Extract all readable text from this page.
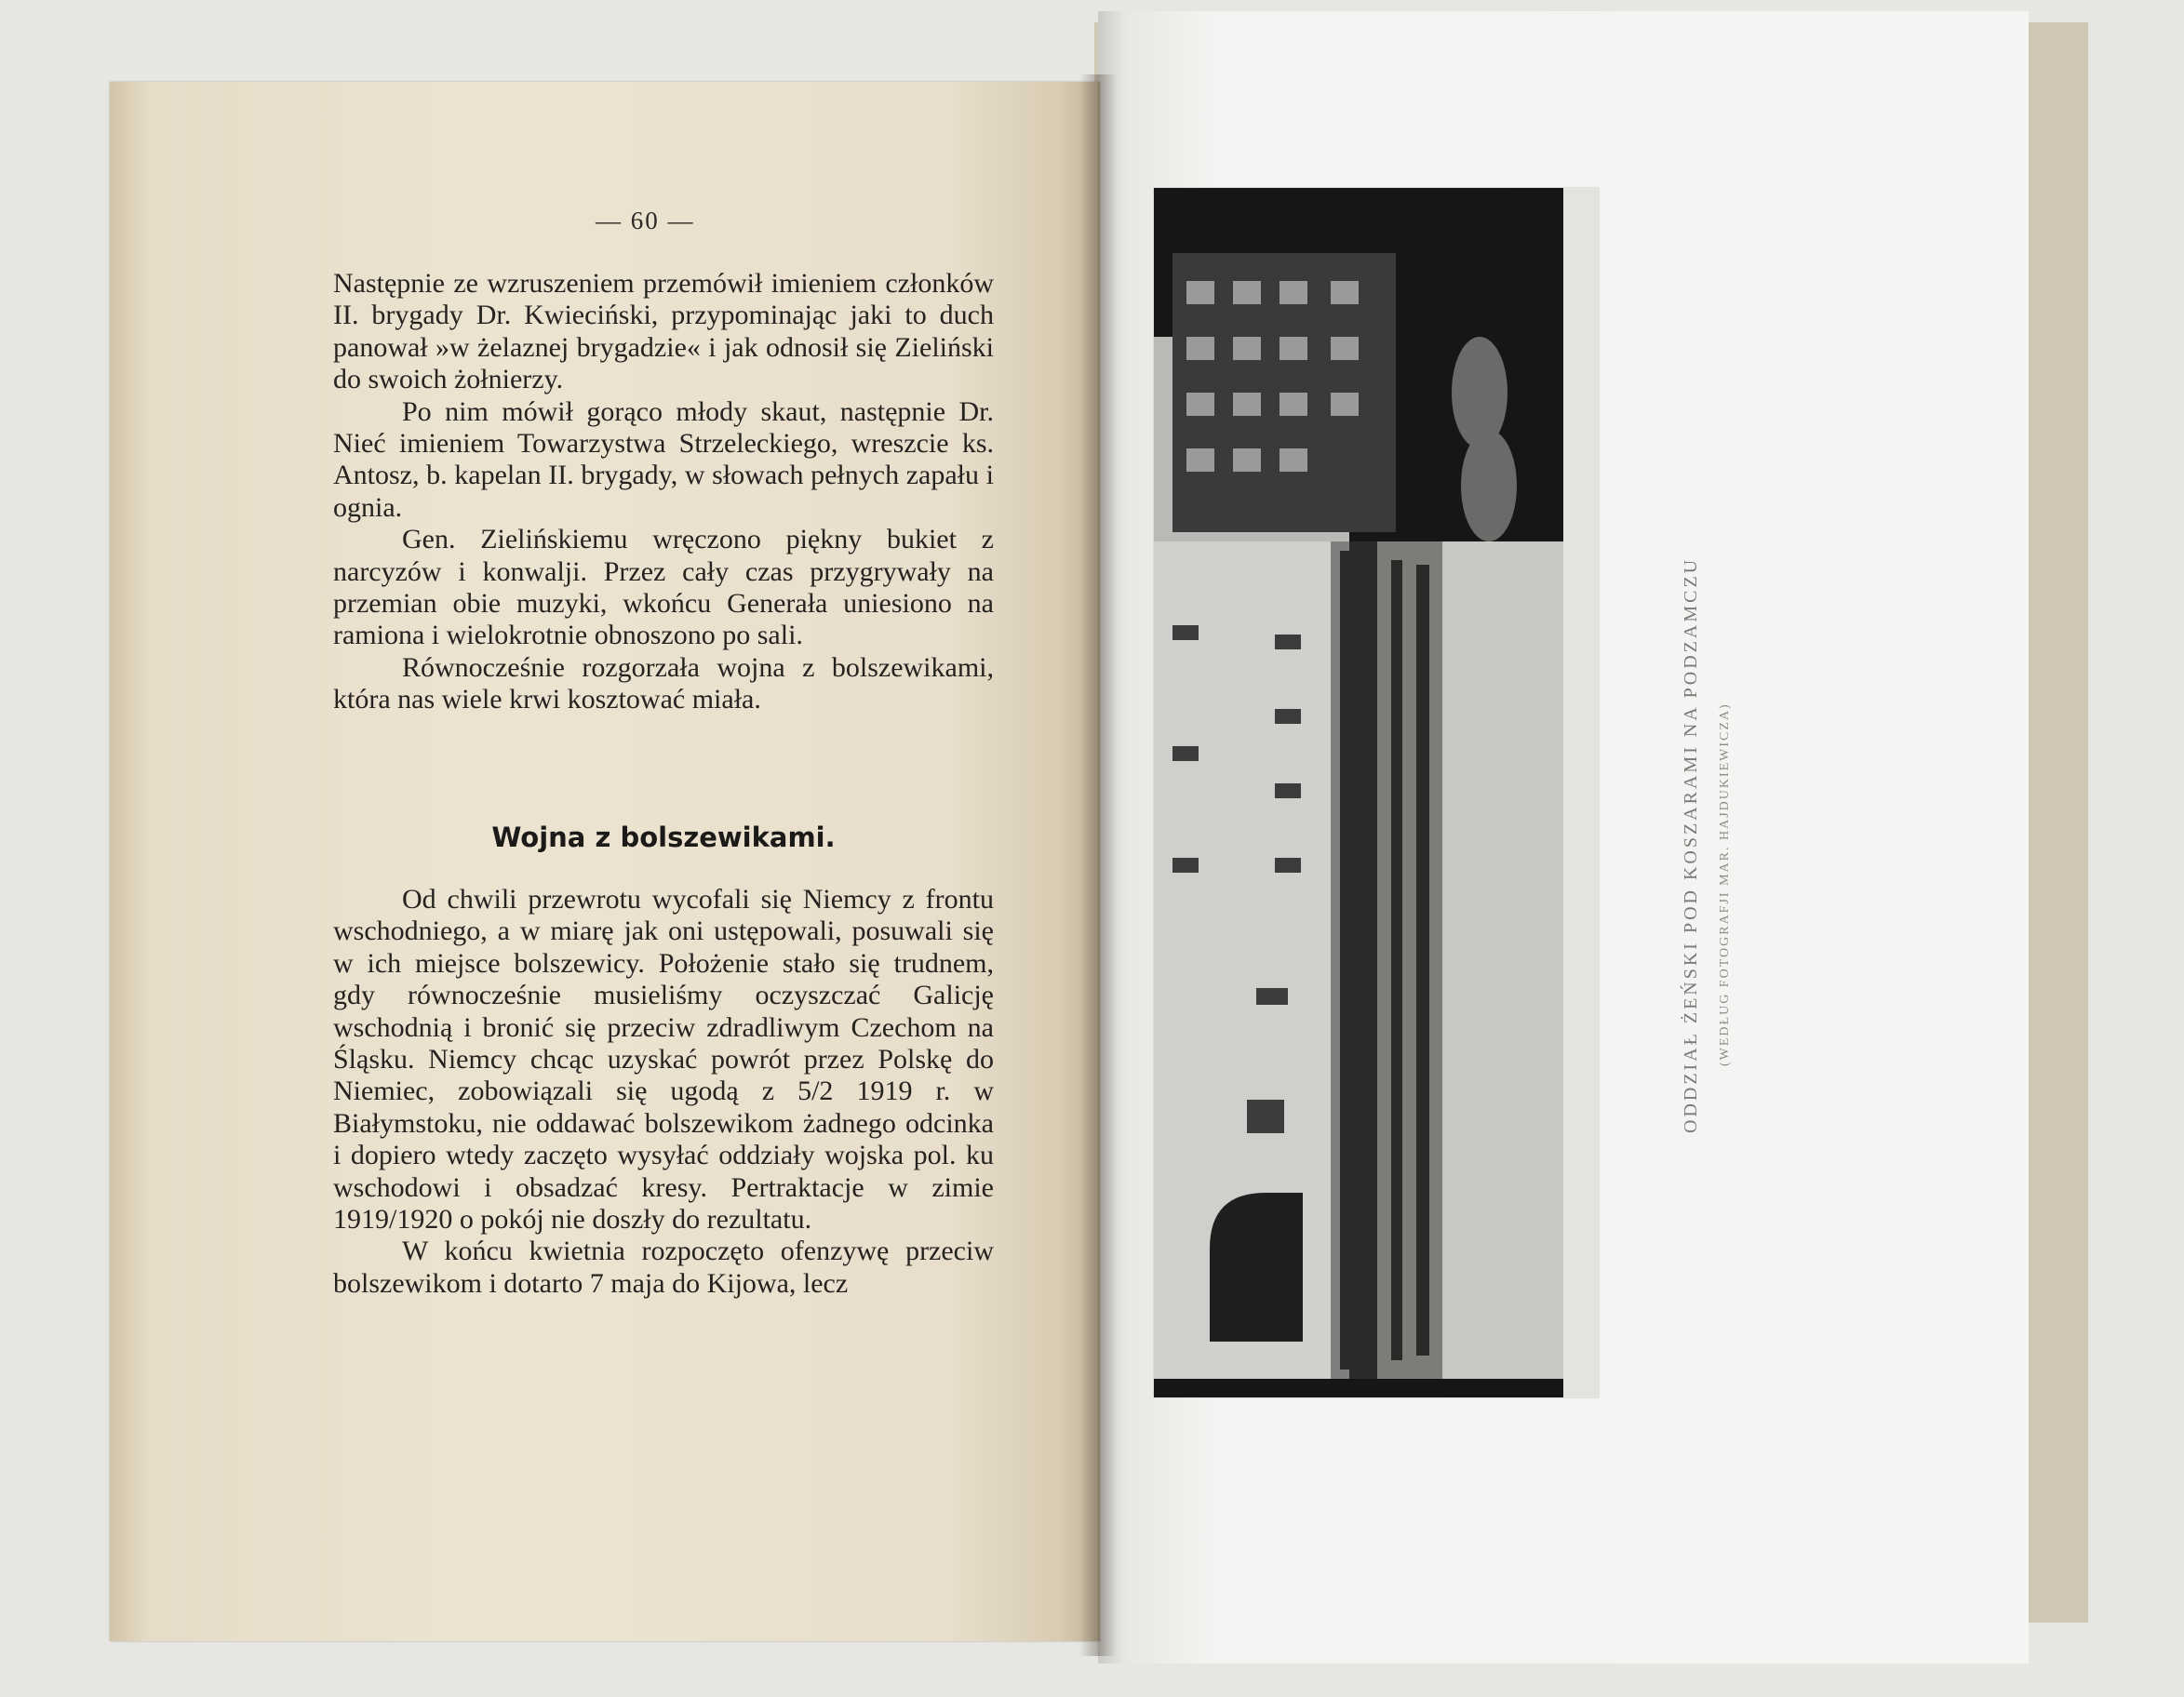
— 60 —

Następnie ze wzruszeniem przemówił imieniem członków II. brygady Dr. Kwieciński, przypominając jaki to duch panował »w żelaznej brygadzie« i jak odnosił się Zieliński do swoich żołnierzy.

Po nim mówił gorąco młody skaut, następnie Dr. Nieć imieniem Towarzystwa Strzeleckiego, wreszcie ks. Antosz, b. kapelan II. brygady, w słowach pełnych zapału i ognia.

Gen. Zielińskiemu wręczono piękny bukiet z narcyzów i konwalji. Przez cały czas przygrywały na przemian obie muzyki, wkońcu Generała uniesiono na ramiona i wielokrotnie obnoszono po sali.

Równocześnie rozgorzała wojna z bolszewikami, która nas wiele krwi kosztować miała.

Wojna z bolszewikami.

Od chwili przewrotu wycofali się Niemcy z frontu wschodniego, a w miarę jak oni ustępowali, posuwali się w ich miejsce bolszewicy. Położenie stało się trudnem, gdy równocześnie musieliśmy oczyszczać Galicję wschodnią i bronić się przeciw zdradliwym Czechom na Śląsku. Niemcy chcąc uzyskać powrót przez Polskę do Niemiec, zobowiązali się ugodą z 5/2 1919 r. w Białymstoku, nie oddawać bolszewikom żadnego odcinka i dopiero wtedy zaczęto wysyłać oddziały wojska pol. ku wschodowi i obsadzać kresy. Pertraktacje w zimie 1919/1920 o pokój nie doszły do rezultatu.

W końcu kwietnia rozpoczęto ofenzywę przeciw bolszewikom i dotarto 7 maja do Kijowa, lecz

ODDZIAŁ ŻEŃSKI POD KOSZARAMI NA PODZAMCZU	(WEDŁUG FOTOGRAFJI MAR. HAJDUKIEWICZA)
